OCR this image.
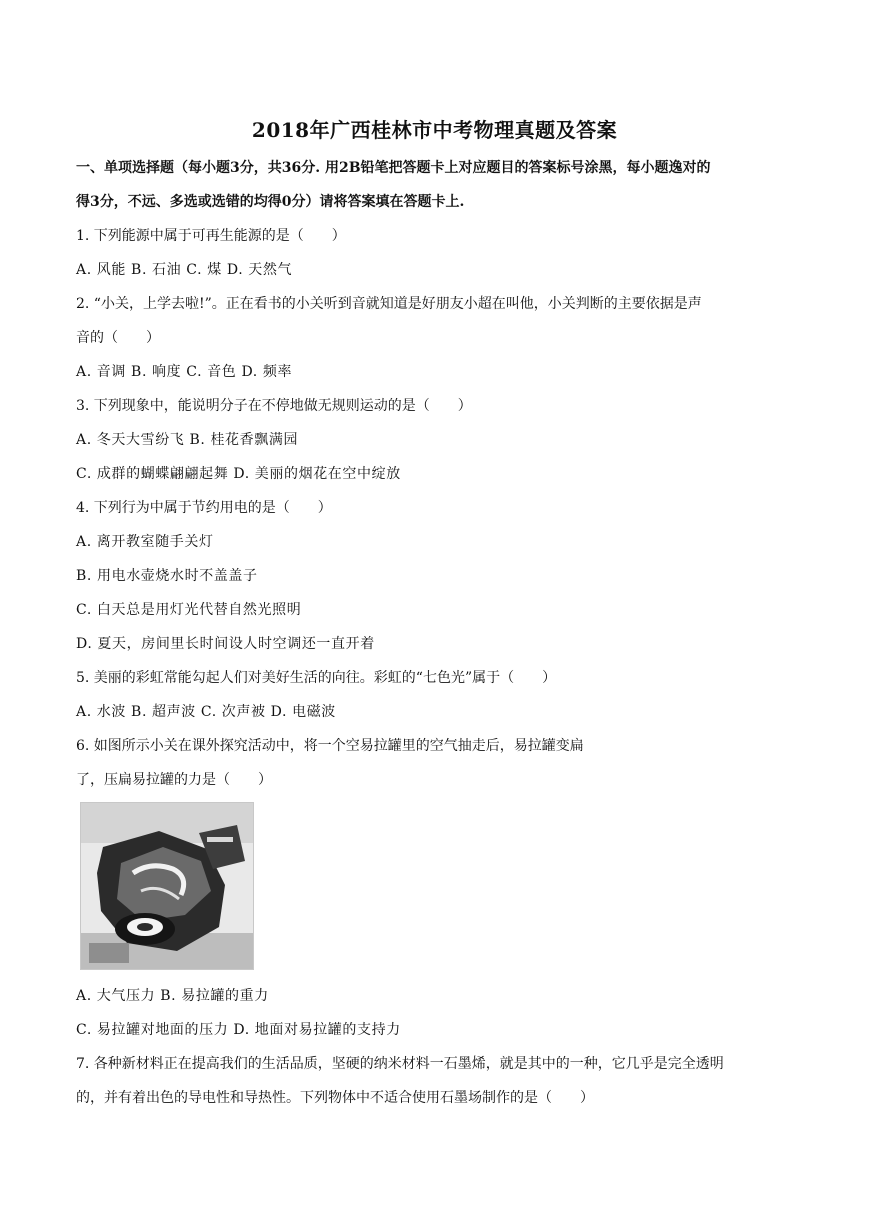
2018年广西桂林市中考物理真题及答案
一、单项选择题（每小题3分，共36分. 用2B铅笔把答题卡上对应题目的答案标号涂黑，每小题逸对的
得3分，不远、多选或选错的均得0分）请将答案填在答题卡上.
1. 下列能源中属于可再生能源的是（　　）
A. 风能 B. 石油 C. 煤 D. 天然气
2. “小关，上学去啦!”。正在看书的小关听到音就知道是好朋友小超在叫他，小关判断的主要依据是声
音的（　　）
A. 音调 B. 响度 C. 音色 D. 频率
3. 下列现象中，能说明分子在不停地做无规则运动的是（　　）
A. 冬天大雪纷飞 B. 桂花香飘满园
C. 成群的蝴蝶翩翩起舞 D. 美丽的烟花在空中绽放
4. 下列行为中属于节约用电的是（　　）
A. 离开教室随手关灯
B. 用电水壶烧水时不盖盖子
C. 白天总是用灯光代替自然光照明
D. 夏天，房间里长时间设人时空调还一直开着
5. 美丽的彩虹常能勾起人们对美好生活的向往。彩虹的“七色光”属于（　　）
A. 水波 B. 超声波 C. 次声被 D. 电磁波
6. 如图所示小关在课外探究活动中，将一个空易拉罐里的空气抽走后，易拉罐变扁
了，压扁易拉罐的力是（　　）
A. 大气压力 B. 易拉罐的重力
C. 易拉罐对地面的压力 D. 地面对易拉罐的支持力
7. 各种新材料正在提高我们的生活品质，坚硬的纳米材料一石墨烯，就是其中的一种，它几乎是完全透明
的，并有着出色的导电性和导热性。下列物体中不适合使用石墨场制作的是（　　）
